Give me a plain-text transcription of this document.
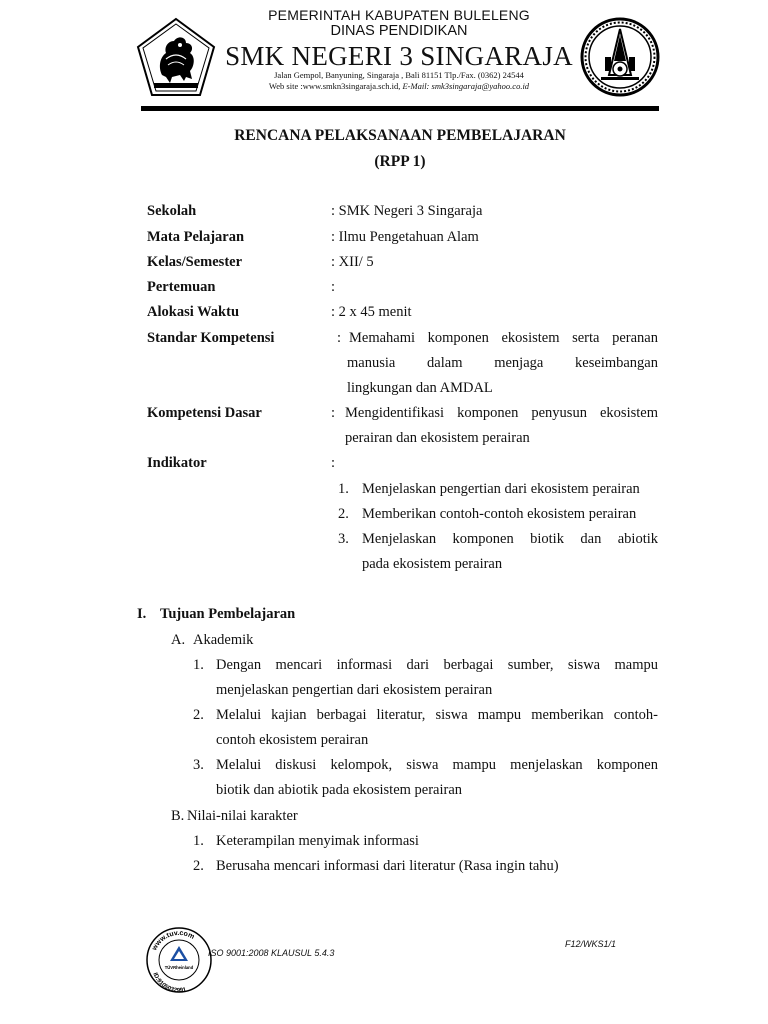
PEMERINTAH KABUPATEN BULELENG
DINAS PENDIDIKAN
SMK NEGERI 3 SINGARAJA
Jalan Gempol, Banyuning, Singaraja , Bali 81151 Tlp./Fax. (0362) 24544
Web site :www.smkn3singaraja.sch.id, E-Mail: smk3singaraja@yahoo.co.id
RENCANA PELAKSANAAN PEMBELAJARAN
(RPP 1)
Sekolah	: SMK Negeri 3 Singaraja
Mata Pelajaran	: Ilmu Pengetahuan Alam
Kelas/Semester	: XII/ 5
Pertemuan	:
Alokasi Waktu	: 2 x 45 menit
Standar Kompetensi	: Memahami komponen ekosistem serta peranan
manusia dalam menjaga keseimbangan
lingkungan dan AMDAL
Kompetensi Dasar	: Mengidentifikasi komponen penyusun ekosistem
perairan dan ekosistem perairan
Indikator	:
1. Menjelaskan pengertian dari ekosistem perairan
2. Memberikan contoh-contoh ekosistem perairan
3. Menjelaskan komponen biotik dan abiotik
pada ekosistem perairan
I. Tujuan Pembelajaran
A. Akademik
1. Dengan mencari informasi dari berbagai sumber, siswa mampu
menjelaskan pengertian dari ekosistem perairan
2. Melalui kajian berbagai literatur, siswa mampu memberikan contoh-
contoh ekosistem perairan
3. Melalui diskusi kelompok, siswa mampu menjelaskan komponen
biotik dan abiotik pada ekosistem perairan
B. Nilai-nilai karakter
1. Keterampilan menyimak informasi
2. Berusaha mencari informasi dari literatur (Rasa ingin tahu)
www.tuv.com
ID:9105032991
TÜVRheinland
ISO 9001:2008 KLAUSUL 5.4.3
F12/WKS1/1
